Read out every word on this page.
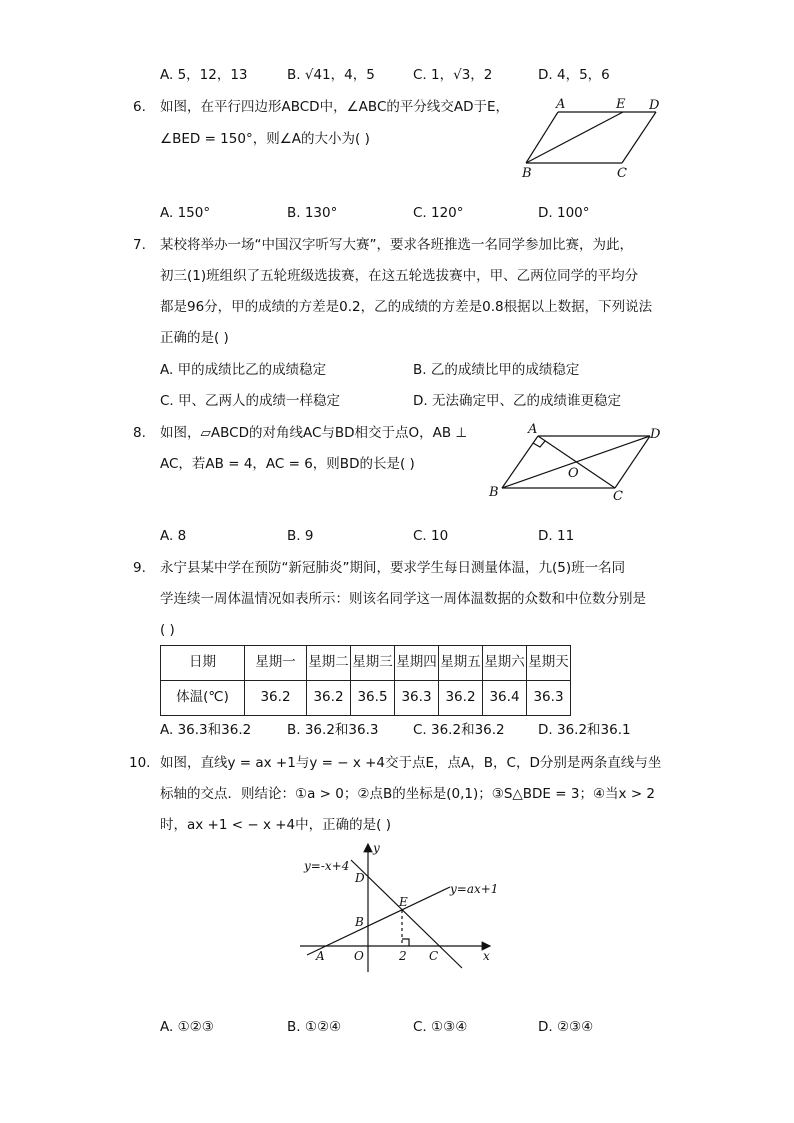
A. 5，12，13	B. √41，4，5	C. 1，√3，2	D. 4，5，6
6. 如图，在平行四边形ABCD中，∠ABC的平分线交AD于E，
∠BED = 150°，则∠A的大小为( )
A	E D
B	C
A. 150°	B. 130°	C. 120°	D. 100°
7. 某校将举办一场“中国汉字听写大赛”，要求各班推选一名同学参加比赛，为此，
初三(1)班组织了五轮班级选拔赛，在这五轮选拔赛中，甲、乙两位同学的平均分
都是96分，甲的成绩的方差是0.2，乙的成绩的方差是0.8根据以上数据，下列说法
正确的是( )
A. 甲的成绩比乙的成绩稳定	B. 乙的成绩比甲的成绩稳定
C. 甲、乙两人的成绩一样稳定	D. 无法确定甲、乙的成绩谁更稳定
8. 如图，▱ABCD的对角线AC与BD相交于点O，AB ⊥
AC，若AB = 4，AC = 6，则BD的长是( )
A	D
O
B	C
A. 8	B. 9	C. 10	D. 11
9. 永宁县某中学在预防“新冠肺炎”期间，要求学生每日测量体温，九(5)班一名同
学连续一周体温情况如表所示：则该名同学这一周体温数据的众数和中位数分别是
( )
日期	星期一	星期二	星期三	星期四	星期五	星期六	星期天
体温(℃)	36.2	36.2	36.5	36.3	36.2	36.4	36.3
A. 36.3和36.2	B. 36.2和36.3	C. 36.2和36.2 D. 36.2和36.1
10. 如图，直线y = ax +1与y = − x +4交于点E，点A，B，C，D分别是两条直线与坐
标轴的交点．则结论：①a > 0；②点B的坐标是(0,1)；③S△BDE = 3；④当x > 2
时，ax +1 < − x +4中，正确的是( )
y
x
y=-x+4
y=ax+1
D
E
B
A O	2 C
A. ①②③	B. ①②④	C. ①③④	D. ②③④
